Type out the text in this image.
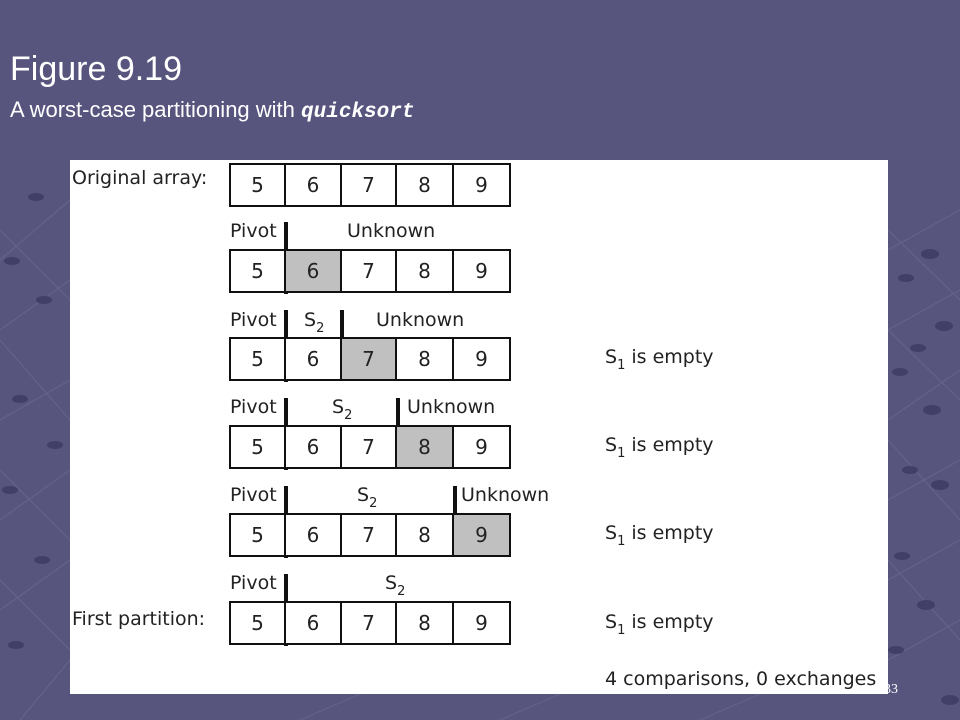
Figure 9.19

A worst-case partitioning with quicksort

Original array:	5	6	7	8	9
Pivot	Unknown
5	6	7	8	9
Pivot $S_2$	Unknown
5	6	7	8	9	$S_1$ is empty
Pivot	$S_2$	Unknown
5	6	7	8	9	$S_1$ is empty
Pivot	$S_2$	Unknown
5	6	7	8	9	$S_1$ is empty
Pivot	$S_2$
First partition:	5	6	7	8	9	$S_1$ is empty
4 comparisons, 0 exchanges 33
